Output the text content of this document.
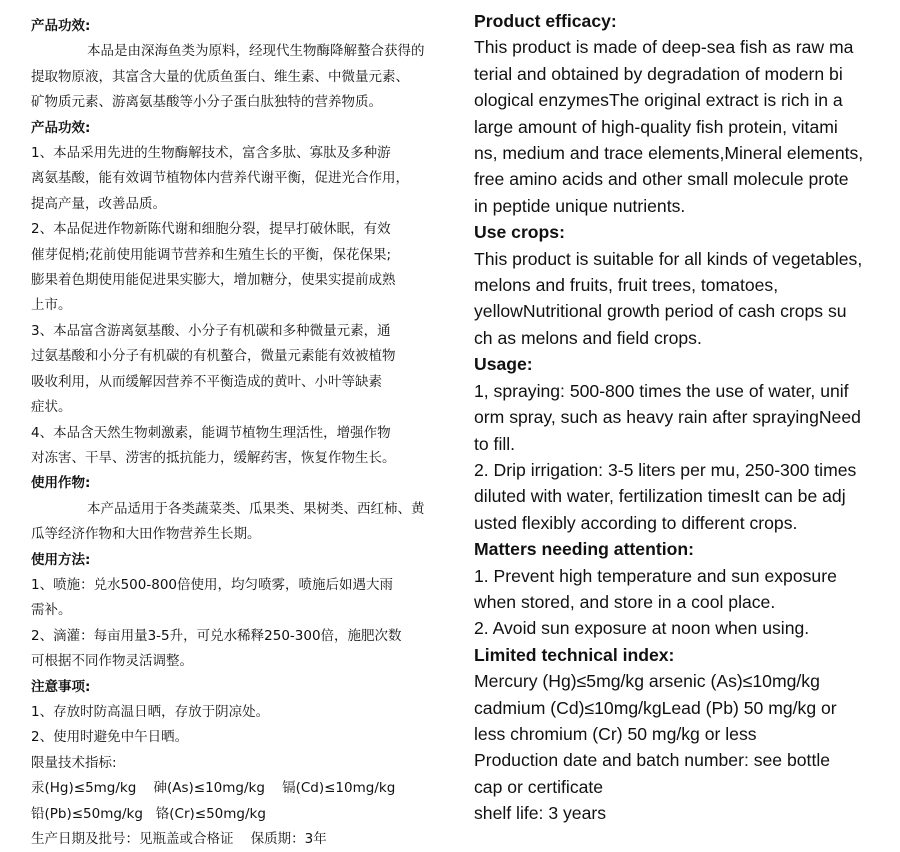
产品功效:
本品是由深海鱼类为原料，经现代生物酶降解螯合获得的
提取物原液，其富含大量的优质鱼蛋白、维生素、中微量元素、
矿物质元素、游离氨基酸等小分子蛋白肽独特的营养物质。
产品功效:
1、本品采用先进的生物酶解技术，富含多肽、寡肽及多种游
离氨基酸，能有效调节植物体内营养代谢平衡，促进光合作用，
提高产量，改善品质。
2、本品促进作物新陈代谢和细胞分裂，提早打破休眠，有效
催芽促梢;花前使用能调节营养和生殖生长的平衡，保花保果;
膨果着色期使用能促进果实膨大，增加糖分，使果实提前成熟
上市。
3、本品富含游离氨基酸、小分子有机碳和多种微量元素，通
过氨基酸和小分子有机碳的有机螯合，微量元素能有效被植物
吸收利用，从而缓解因营养不平衡造成的黄叶、小叶等缺素
症状。
4、本品含天然生物刺激素，能调节植物生理活性，增强作物
对冻害、干旱、涝害的抵抗能力，缓解药害，恢复作物生长。
使用作物:
本产品适用于各类蔬菜类、瓜果类、果树类、西红柿、黄
瓜等经济作物和大田作物营养生长期。
使用方法:
1、喷施：兑水500-800倍使用，均匀喷雾，喷施后如遇大雨
需补。
2、滴灌：每亩用量3-5升，可兑水稀释250-300倍，施肥次数
可根据不同作物灵活调整。
注意事项:
1、存放时防高温日晒，存放于阴凉处。
2、使用时避免中午日晒。
限量技术指标:
汞(Hg)≤5mg/kg    砷(As)≤10mg/kg    镉(Cd)≤10mg/kg
铅(Pb)≤50mg/kg   铬(Cr)≤50mg/kg
生产日期及批号：见瓶盖或合格证    保质期：3年
Product efficacy:
This product is made of deep-sea fish as raw ma
terial and obtained by degradation of modern bi
ological enzymesThe original extract is rich in a
large amount of high-quality fish protein, vitami
ns, medium and trace elements,Mineral elements,
free amino acids and other small molecule prote
in peptide unique nutrients.
Use crops:
This product is suitable for all kinds of vegetables,
melons and fruits, fruit trees, tomatoes,
yellowNutritional growth period of cash crops su
ch as melons and field crops.
Usage:
1, spraying: 500-800 times the use of water, unif
orm spray, such as heavy rain after sprayingNeed
to fill.
2. Drip irrigation: 3-5 liters per mu, 250-300 times
diluted with water, fertilization timesIt can be adj
usted flexibly according to different crops.
Matters needing attention:
1. Prevent high temperature and sun exposure
when stored, and store in a cool place.
2. Avoid sun exposure at noon when using.
Limited technical index:
Mercury (Hg)≤5mg/kg arsenic (As)≤10mg/kg
cadmium (Cd)≤10mg/kgLead (Pb) 50 mg/kg or
less chromium (Cr) 50 mg/kg or less
Production date and batch number: see bottle
cap or certificate
shelf life: 3 years
